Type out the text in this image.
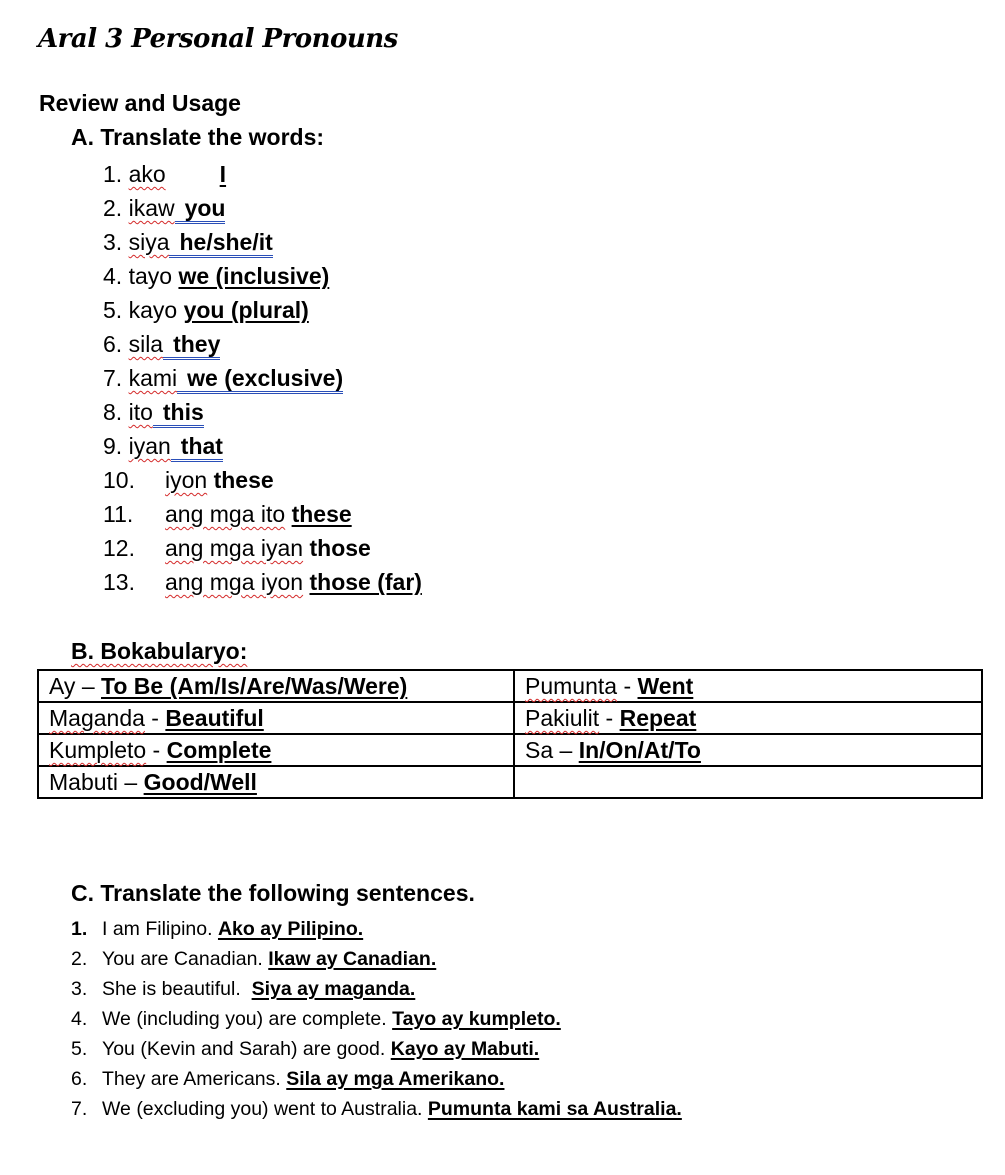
Aral 3 Personal Pronouns
Review and Usage
A. Translate the words:
1. ako I
2. ikaw you
3. siya he/she/it
4. tayo we (inclusive)
5. kayo you (plural)
6. sila they
7. kami we (exclusive)
8. ito this
9. iyan that
10. iyon these
11. ang mga ito these
12. ang mga iyan those
13. ang mga iyon those (far)
B. Bokabularyo:
Ay – To Be (Am/Is/Are/Was/Were)	Pumunta - Went
Maganda - Beautiful	Pakiulit - Repeat
Kumpleto - Complete	Sa – In/On/At/To
Mabuti – Good/Well	
C. Translate the following sentences.
1. I am Filipino. Ako ay Pilipino.
2. You are Canadian. Ikaw ay Canadian.
3. She is beautiful.  Siya ay maganda.
4. We (including you) are complete. Tayo ay kumpleto.
5. You (Kevin and Sarah) are good. Kayo ay Mabuti.
6. They are Americans. Sila ay mga Amerikano.
7. We (excluding you) went to Australia. Pumunta kami sa Australia.
